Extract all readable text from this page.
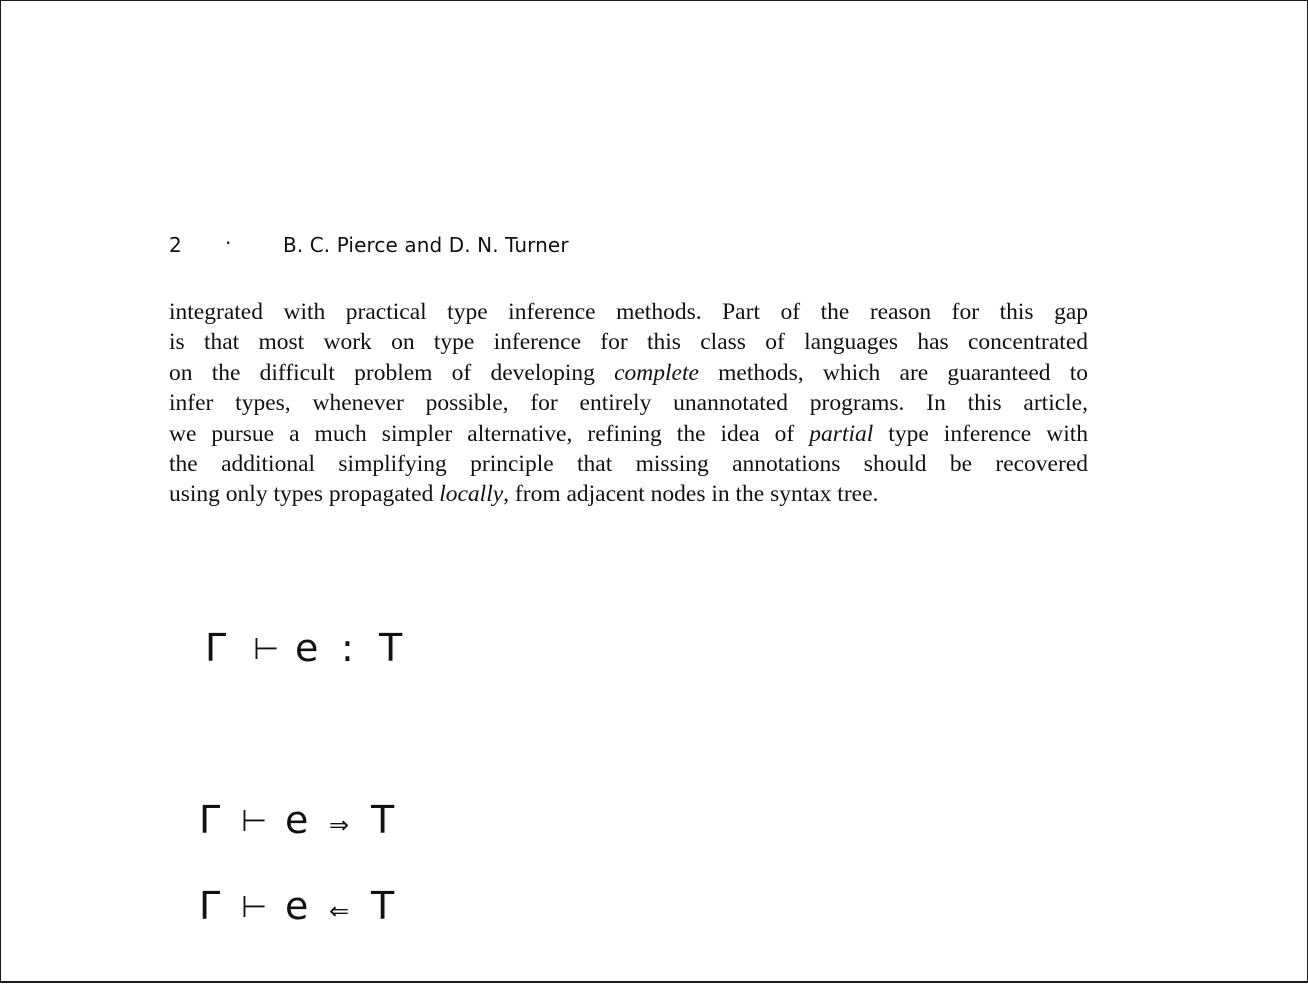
2 ·	B. C. Pierce and D. N. Turner
integrated with practical type inference methods. Part of the reason for this gap
is that most work on type inference for this class of languages has concentrated
on the difficult problem of developing complete methods, which are guaranteed to
infer types, whenever possible, for entirely unannotated programs. In this article,
we pursue a much simpler alternative, refining the idea of partial type inference with
the additional simplifying principle that missing annotations should be recovered
using only types propagated locally, from adjacent nodes in the syntax tree.
Γ ⊢ e : T
Γ ⊢ e ⇒ T
Γ ⊢ e ⇐ T
